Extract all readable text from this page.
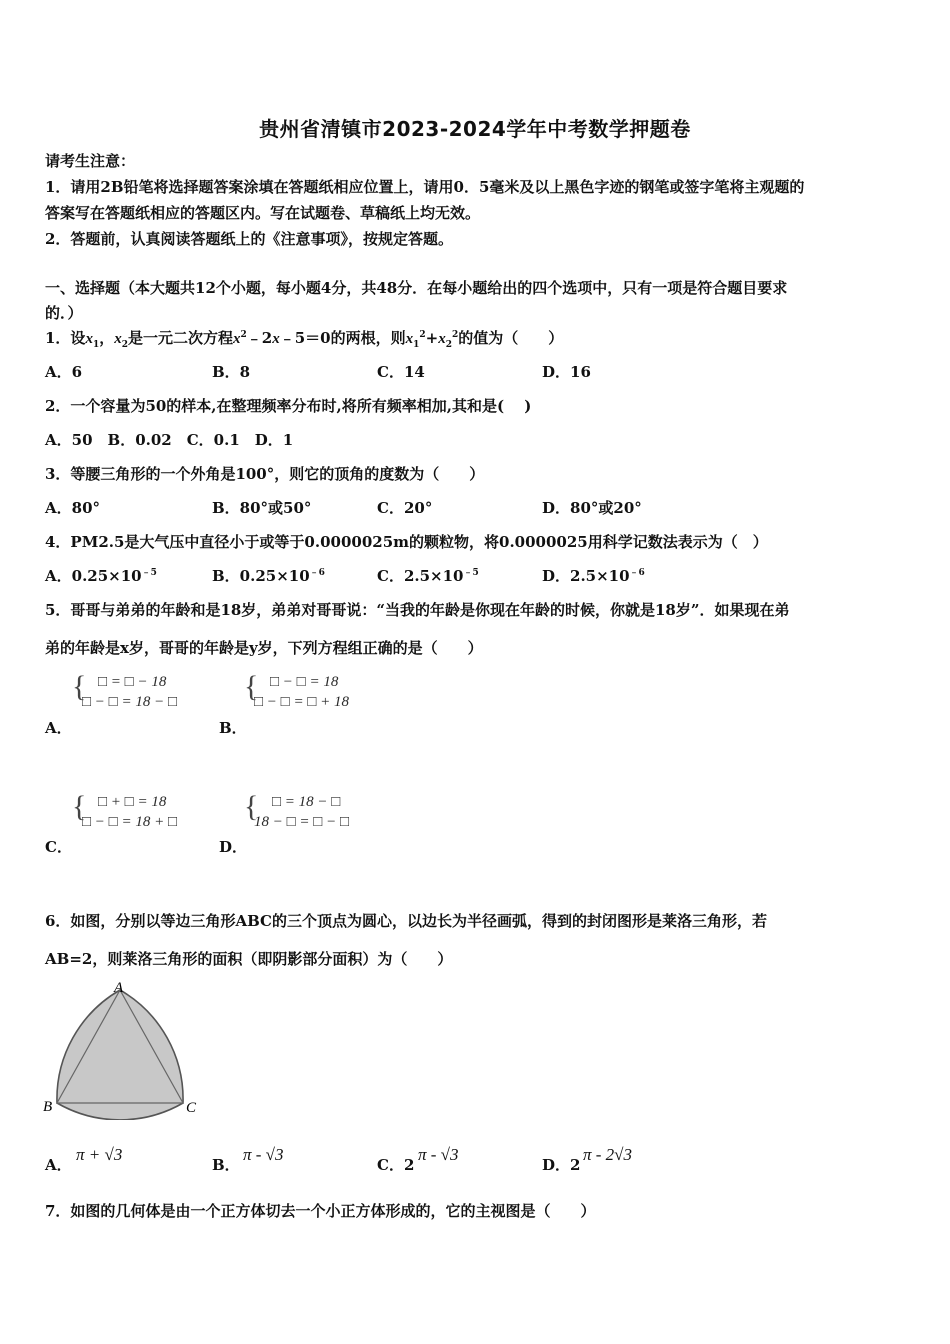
贵州省清镇市2023-2024学年中考数学押题卷
请考生注意：
1．请用2B铅笔将选择题答案涂填在答题纸相应位置上，请用0．5毫米及以上黑色字迹的钢笔或签字笔将主观题的
答案写在答题纸相应的答题区内。写在试题卷、草稿纸上均无效。
2．答题前，认真阅读答题纸上的《注意事项》，按规定答题。
一、选择题（本大题共12个小题，每小题4分，共48分．在每小题给出的四个选项中，只有一项是符合题目要求
的．）
1．设$x_1$，$x_2$是一元二次方程$x^2﹣2x﹣5=0$的两根，则$x_1^2+x_2^2$的值为（　　）
A．6	B．8	C．14	D．16
2．一个容量为50的样本,在整理频率分布时,将所有频率相加,其和是(　 )
A．50　B．0.02　C．0.1　D．1
3．等腰三角形的一个外角是100°，则它的顶角的度数为（　　）
A．80°	B．80°或50°	C．20°	D．80°或20°
4．PM2.5是大气压中直径小于或等于0.0000025m的颗粒物，将0.0000025用科学记数法表示为（　）
A．$0.25\times 10^{﹣5}$	B．$0.25\times 10^{﹣6}$	C．$2.5\times 10^{﹣5}$	D．$2.5\times 10^{﹣6}$
5．哥哥与弟弟的年龄和是18岁，弟弟对哥哥说：“当我的年龄是你现在年龄的时候，你就是18岁”．如果现在弟
弟的年龄是x岁，哥哥的年龄是y岁，下列方程组正确的是（　　）
{ □ = □ − 18
□ − □ = 18 − □
A．
{ □ − □ = 18
□ − □ = □ + 18
B．
{ □ + □ = 18
□ − □ = 18 + □
C．
{ □ = 18 − □
18 − □ = □ − □
D．
6．如图，分别以等边三角形ABC的三个顶点为圆心，以边长为半径画弧，得到的封闭图形是莱洛三角形，若
AB=2，则莱洛三角形的面积（即阴影部分面积）为（　　）
A
B	C
A．
π + √3
B．
π - √3
C．2
π - √3
D．2
π - 2√3
7．如图的几何体是由一个正方体切去一个小正方体形成的，它的主视图是（　　）
